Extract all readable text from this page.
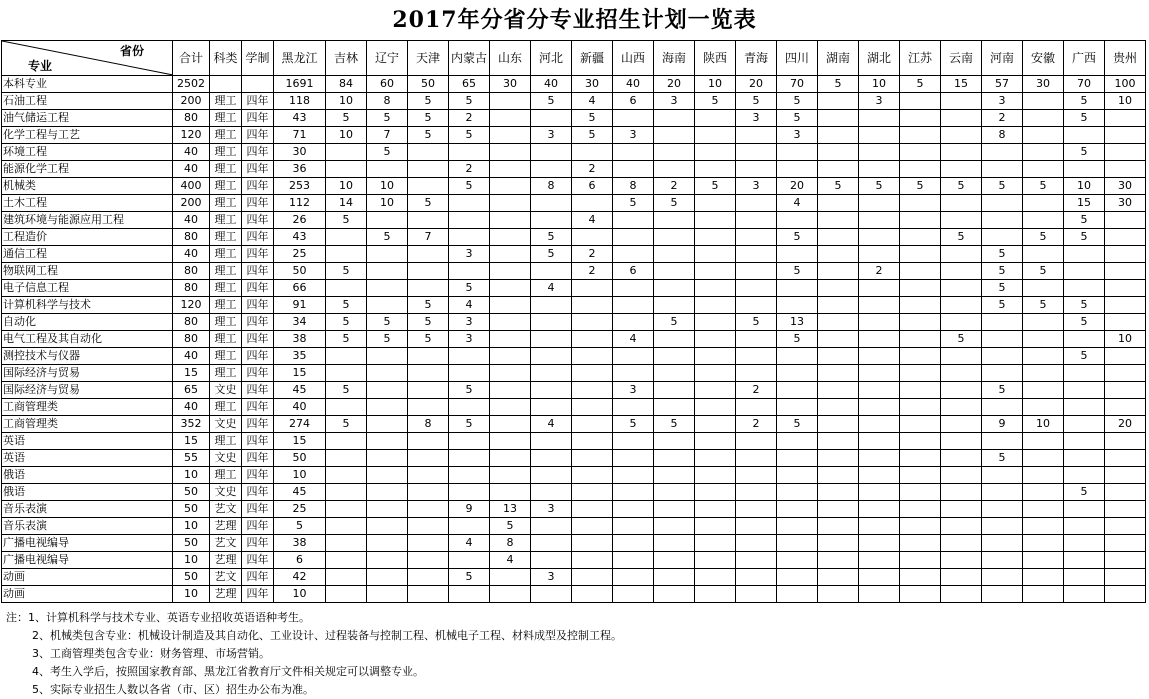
2017年分省分专业招生计划一览表
省份
专业	合计	科类	学制	黑龙江	吉林	辽宁	天津	内蒙古	山东	河北	新疆	山西	海南	陕西	青海	四川	湖南	湖北	江苏	云南	河南	安徽	广西	贵州
本科专业	2502			1691	84	60	50	65	30	40	30	40	20	10	20	70	5	10	5	15	57	30	70	100
石油工程	200	理工	四年	118	10	8	5	5		5	4	6	3	5	5	5		3			3		5	10
油气储运工程	80	理工	四年	43	5	5	5	2			5				3	5					2		5	
化学工程与工艺	120	理工	四年	71	10	7	5	5		3	5	3				3					8			
环境工程	40	理工	四年	30		5																	5	
能源化学工程	40	理工	四年	36				2			2													
机械类	400	理工	四年	253	10	10		5		8	6	8	2	5	3	20	5	5	5	5	5	5	10	30
土木工程	200	理工	四年	112	14	10	5					5	5			4							15	30
建筑环境与能源应用工程	40	理工	四年	26	5						4												5	
工程造价	80	理工	四年	43		5	7			5						5				5		5	5	
通信工程	40	理工	四年	25				3		5	2										5			
物联网工程	80	理工	四年	50	5						2	6				5		2			5	5		
电子信息工程	80	理工	四年	66				5		4											5			
计算机科学与技术	120	理工	四年	91	5		5	4													5	5	5	
自动化	80	理工	四年	34	5	5	5	3					5		5	13							5	
电气工程及其自动化	80	理工	四年	38	5	5	5	3				4				5				5				10
测控技术与仪器	40	理工	四年	35																			5	
国际经济与贸易	15	理工	四年	15																				
国际经济与贸易	65	文史	四年	45	5			5				3			2						5			
工商管理类	40	理工	四年	40																				
工商管理类	352	文史	四年	274	5		8	5		4		5	5		2	5					9	10		20
英语	15	理工	四年	15																				
英语	55	文史	四年	50																	5			
俄语	10	理工	四年	10																				
俄语	50	文史	四年	45																			5	
音乐表演	50	艺文	四年	25				9	13	3														
音乐表演	10	艺理	四年	5					5															
广播电视编导	50	艺文	四年	38				4	8															
广播电视编导	10	艺理	四年	6					4															
动画	50	艺文	四年	42				5		3														
动画	10	艺理	四年	10																				
注：1、计算机科学与技术专业、英语专业招收英语语种考生。
2、机械类包含专业：机械设计制造及其自动化、工业设计、过程装备与控制工程、机械电子工程、材料成型及控制工程。
3、工商管理类包含专业：财务管理、市场营销。
4、考生入学后，按照国家教育部、黑龙江省教育厅文件相关规定可以调整专业。
5、实际专业招生人数以各省（市、区）招生办公布为准。
